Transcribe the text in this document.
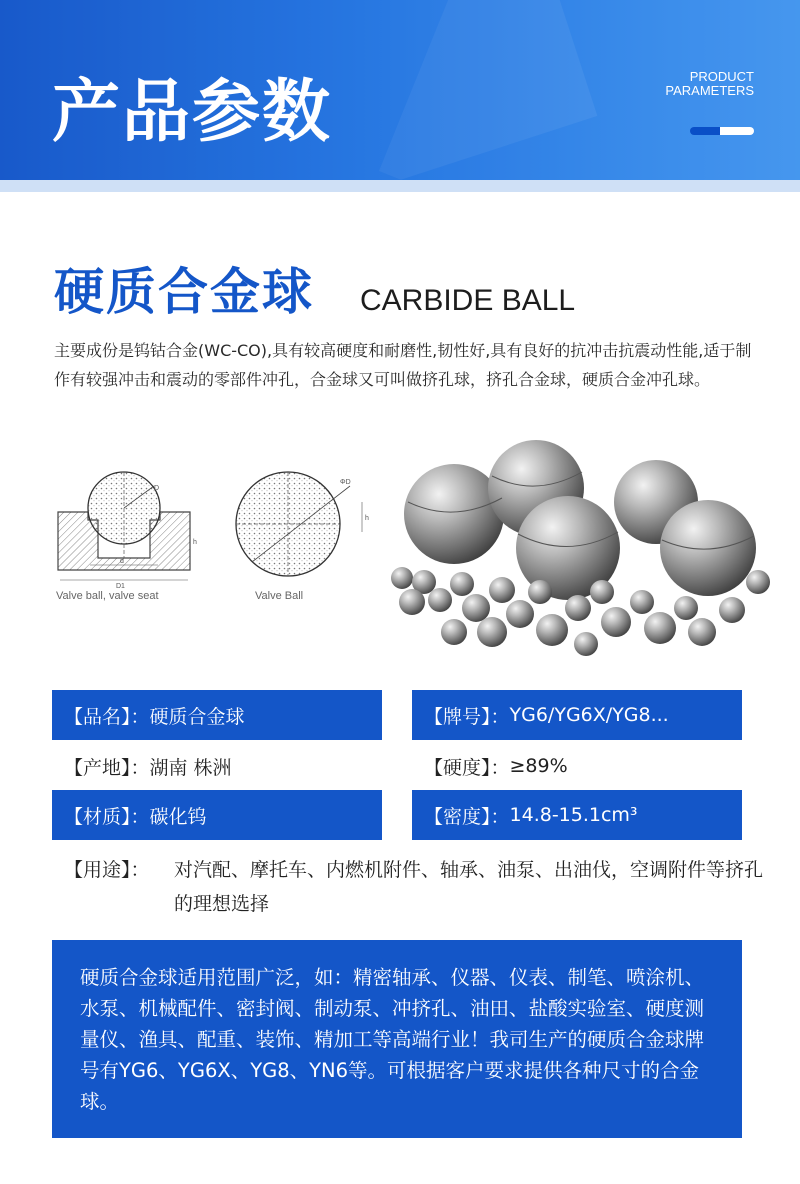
产品参数	PRODUCT
PARAMETERS
硬质合金球 CARBIDE BALL
主要成份是钨钴合金(WC-CO),具有较高硬度和耐磨性,韧性好,具有良好的抗冲击抗震动性能,适于制作有较强冲击和震动的零部件冲孔，合金球又可叫做挤孔球，挤孔合金球，硬质合金冲孔球。
D
d
D1
h
Valve ball, valve seat
ΦD
h
Valve Ball
【品名】： 硬质合金球	【牌号】： YG6/YG6X/YG8...
【产地】： 湖南 株洲	【硬度】： ≥89%
【材质】： 碳化钨	【密度】： 14.8-15.1cm³
【用途】： 对汽配、摩托车、内燃机附件、轴承、油泵、出油伐，空调附件等挤孔的理想选择
硬质合金球适用范围广泛，如：精密轴承、仪器、仪表、制笔、喷涂机、水泵、机械配件、密封阀、制动泵、冲挤孔、油田、盐酸实验室、硬度测量仪、渔具、配重、装饰、精加工等高端行业！我司生产的硬质合金球牌号有YG6、YG6X、YG8、YN6等。可根据客户要求提供各种尺寸的合金球。
